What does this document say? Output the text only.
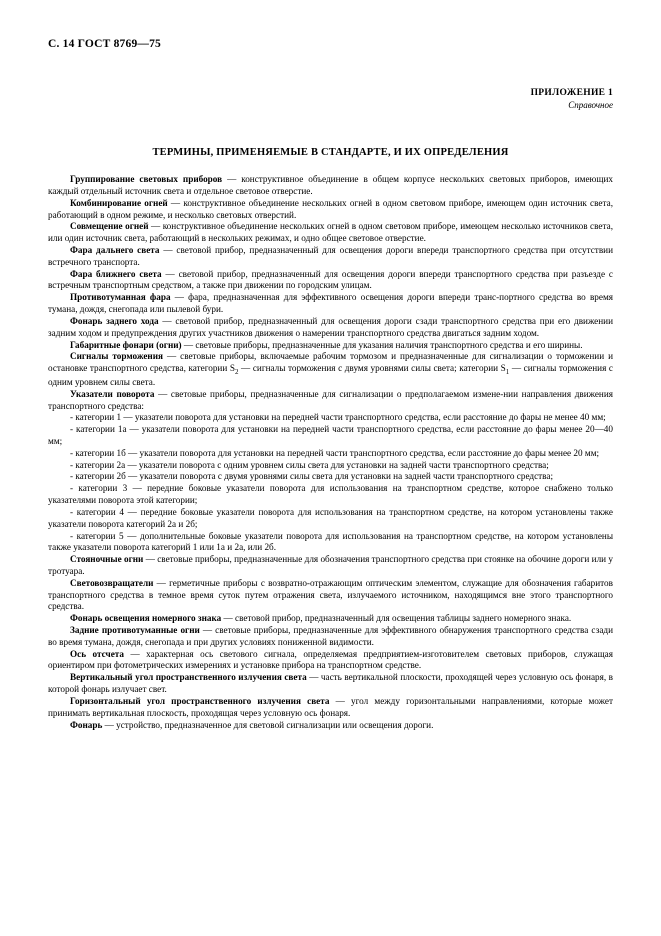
С. 14 ГОСТ 8769—75
ПРИЛОЖЕНИЕ 1
Справочное
ТЕРМИНЫ, ПРИМЕНЯЕМЫЕ В СТАНДАРТЕ, И ИХ ОПРЕДЕЛЕНИЯ

Группирование световых приборов — конструктивное объединение в общем корпусе нескольких световых приборов, имеющих каждый отдельный источник света и отдельное световое отверстие.

Комбинирование огней — конструктивное объединение нескольких огней в одном световом приборе, имеющем один источник света, работающий в одном режиме, и несколько световых отверстий.

Совмещение огней — конструктивное объединение нескольких огней в одном световом приборе, имеющем несколько источников света, или один источник света, работающий в нескольких режимах, и одно общее световое отверстие.

Фара дальнего света — световой прибор, предназначенный для освещения дороги впереди транспортного средства при отсутствии встречного транспорта.

Фара ближнего света — световой прибор, предназначенный для освещения дороги впереди транспортного средства при разъезде с встречным транспортным средством, а также при движении по городским улицам.

Противотуманная фара — фара, предназначенная для эффективного освещения дороги впереди транс-портного средства во время тумана, дождя, снегопада или пылевой бури.

Фонарь заднего хода — световой прибор, предназначенный для освещения дороги сзади транспортного средства при его движении задним ходом и предупреждения других участников движения о намерении транспортного средства двигаться задним ходом.

Габаритные фонари (огни) — световые приборы, предназначенные для указания наличия транспортного средства и его ширины.

Сигналы торможения — световые приборы, включаемые рабочим тормозом и предназначенные для сигнализации о торможении и остановке транспортного средства, категории $S_2$ — сигналы торможения с двумя уровнями силы света; категории $S_1$ — сигналы торможения с одним уровнем силы света.

Указатели поворота — световые приборы, предназначенные для сигнализации о предполагаемом измене-нии направления движения транспортного средства:

- категории 1 — указатели поворота для установки на передней части транспортного средства, если расстояние до фары не менее 40 мм;

- категории 1а — указатели поворота для установки на передней части транспортного средства, если расстояние до фары менее 20—40 мм;

- категории 1б — указатели поворота для установки на передней части транспортного средства, если расстояние до фары менее 20 мм;

- категории 2а — указатели поворота с одним уровнем силы света для установки на задней части транспортного средства;

- категории 2б — указатели поворота с двумя уровнями силы света для установки на задней части транспортного средства;

- категории 3 — передние боковые указатели поворота для использования на транспортном средстве, которое снабжено только указателями поворота этой категории;

- категории 4 — передние боковые указатели поворота для использования на транспортном средстве, на котором установлены также указатели поворота категорий 2а и 2б;

- категории 5 — дополнительные боковые указатели поворота для использования на транспортном средстве, на котором установлены также указатели поворота категорий 1 или 1а и 2а, или 2б.

Стояночные огни — световые приборы, предназначенные для обозначения транспортного средства при стоянке на обочине дороги или у тротуара.

Световозвращатели — герметичные приборы с возвратно-отражающим оптическим элементом, служащие для обозначения габаритов транспортного средства в темное время суток путем отражения света, излучаемого источником, находящимся вне этого транспортного средства.

Фонарь освещения номерного знака — световой прибор, предназначенный для освещения таблицы заднего номерного знака.

Задние противотуманные огни — световые приборы, предназначенные для эффективного обнаружения транспортного средства сзади во время тумана, дождя, снегопада и при других условиях пониженной видимости.

Ось отсчета — характерная ось светового сигнала, определяемая предприятием-изготовителем световых приборов, служащая ориентиром при фотометрических измерениях и установке прибора на транспортном средстве.

Вертикальный угол пространственного излучения света — часть вертикальной плоскости, проходящей через условную ось фонаря, в которой фонарь излучает свет.

Горизонтальный угол пространственного излучения света — угол между горизонтальными направлениями, которые может принимать вертикальная плоскость, проходящая через условную ось фонаря.

Фонарь — устройство, предназначенное для световой сигнализации или освещения дороги.
